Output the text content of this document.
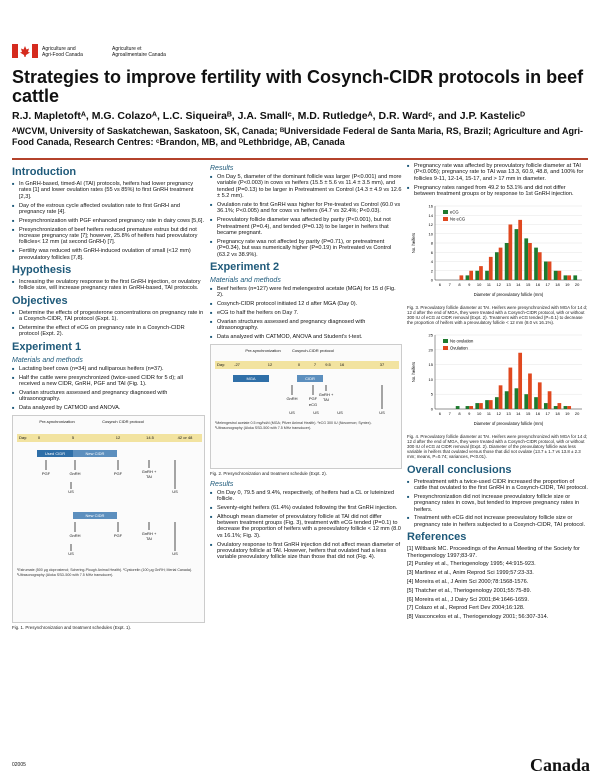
Agriculture and
Agri-Food Canada
Agriculture et
Agroalimentaire Canada
Strategies to improve fertility with Cosynch-CIDR protocols in beef cattle
R.J. Mapletoftᴬ, M.G. Colazoᴬ, L.C. Siqueiraᴮ, J.A. Smallᶜ, M.D. Rutledgeᴬ, D.R. Wardᶜ, and J.P. Kastelicᴰ
ᴬWCVM, University of Saskatchewan, Saskatoon, SK, Canada; ᴮUniversidade Federal de Santa Maria, RS, Brazil; Agriculture and Agri-Food Canada, Research Centres: ᶜBrandon, MB, and ᴰLethbridge, AB, Canada
Introduction
■ In GnRH-based, timed-AI (TAI) protocols, heifers had lower pregnancy rates [1] and lower ovulation rates (55 vs 85%) to first GnRH treatment [2,3].
■ Day of the estrous cycle affected ovulation rate to first GnRH and pregnancy rate [4].
■ Presynchronization with PGF enhanced pregnancy rate in dairy cows [5,6].
■ Presynchronization of beef heifers reduced premature estrus but did not increase pregnancy rate [7]; however, 25.8% of heifers had preovulatory follicles< 12 mm (at second GnRH) [7].
■ Fertility was reduced with GnRH-induced ovulation of small (<12 mm) preovulatory follicles [7,8].
Hypothesis
■ Increasing the ovulatory response to the first GnRH injection, or ovulatory follicle size, will increase pregnancy rates in GnRH-based, TAI protocols.
Objectives
■ Determine the effects of progesterone concentrations on pregnancy rate in a Cosynch-CIDR, TAI protocol (Expt. 1).
■ Determine the effect of eCG on pregnancy rate in a Cosynch-CIDR protocol (Expt. 2).
Experiment 1
Materials and methods
■ Lactating beef cows (n=34) and nulliparous heifers (n=37).
■ Half the cattle were presynchronized (twice-used CIDR for 5 d); all received a new CIDR, GnRH, PGF and TAI (Fig. 1).
■ Ovarian structures assessed and pregnancy diagnosed with ultrasonography.
■ Data analyzed by CATMOD and ANOVA.
Pre-synchronization	Cosynch CIDR protocol
Day:	0	5	12	14.5	42 or 48
Used CIDR	New CIDR
PGF	GnRH	PGF	GnRH + TAI
US	US
New CIDR
GnRH	PGF	GnRH + TAI
US	US
¹Estrumate (500 μg cloprostenol; Schering-Plough Animal Health). ²Cystorelin (100 μg GnRH; Merial Canada). ³Ultrasonography (Aloka SSD-500 with 7.5 MHz transducer).
Fig. 1. Presynchronization and treatment schedules (Expt. 1).
Results
■ On Day 5, diameter of the dominant follicle was larger (P<0.001) and more variable (P<0.003) in cows vs heifers (15.5 ± 5.6 vs 11.4 ± 3.5 mm), and tended (P=0.13) to be larger in Pretreatment vs Control (14.3 ± 4.9 vs 12.6 ± 5.2 mm).
■ Ovulation rate to first GnRH was higher for Pre-treated vs Control (60.0 vs 36.1%; P<0.005) and for cows vs heifers (64.7 vs 32.4%; P<0.03).
■ Preovulatory follicle diameter was affected by parity (P<0.001), but not Pretreatment (P=0.4), and tended (P=0.13) to be larger in heifers that became pregnant.
■ Pregnancy rate was not affected by parity (P=0.71), or pretreatment (P=0.34), but was numerically higher (P=0.19) in Pretreated vs Control (63.2 vs 38.9%).
Experiment 2
Materials and methods
■ Beef heifers (n=127) were fed melengestrol acetate (MGA) for 15 d (Fig. 2).
■ Cosynch-CIDR protocol initiated 12 d after MGA (Day 0).
■ eCG to half the heifers on Day 7.
■ Ovarian structures assessed and pregnancy diagnosed with ultrasonography.
■ Data analyzed with CATMOD, ANOVA and Student's t-test.
Pre-synchronization	Cosynch-CIDR protocol
Day:	-27	12	0	7	9.5	16	37
MGA	CIDR
GnRH	PGF
eCG
GnRH + TAI
US	US	US	US
¹Melengestrol acetate 0.5 mg/hd/d (MGA; Pfizer Animal Health). ²eCG 300 IU (Novormon; Syntex). ³Ultrasonography (Aloka SSD-500 with 7.5 MHz transducer).
Fig. 2. Presynchronization and treatment schedule (Expt. 2).
Results
■ On Day 0, 79.5 and 9.4%, respectively, of heifers had a CL or luteinized follicle.
■ Seventy-eight heifers (61.4%) ovulated following the first GnRH injection.
■ Although mean diameter of preovulatory follicle at TAI did not differ between treatment groups (Fig. 3), treatment with eCG tended (P=0.1) to decrease the proportion of heifers with a preovulatory follicle < 12 mm (8.0 vs 16.1%; Fig. 3).
■ Ovulatory response to first GnRH injection did not affect mean diameter of preovulatory follicle at TAI. However, heifers that ovulated had a less variable preovulatory follicle size than those that did not (Fig. 4).
■ Pregnancy rate was affected by preovulatory follicle diameter at TAI (P<0.005); pregnancy rate to TAI was 13.3, 60.9, 48.8, and 100% for follicles 9-11, 12-14, 15-17, and > 17 mm in diameter.
■ Pregnancy rates ranged from 49.2 to 53.1% and did not differ between treatment groups or by response to 1st GnRH injection.
0
2
4
6
8
10
12
14
16
6 7 8 9 10 11 12 13 14 15 16 17 18 19 20
Diameter of preovulatory follicle (mm)
No. heifers
eCG
No eCG
Fig. 3. Preovulatory follicle diameter at TAI. Heifers were presynchronized with MGA for 14 d; 12 d after the end of MGA, they were treated with a Cosynch-CIDR protocol, with or without 300 IU of eCG at CIDR removal (Expt. 2). Treatment with eCG tended (P=0.1) to decrease the proportion of heifers with a preovulatory follicle < 12 mm (8.0 vs 16.1%).
0
5
10
15
20
25
6 7 8 9 10 11 12 13 14 15 16 17 18 19 20
Diameter of preovulatory follicle (mm)
No. heifers
No ovulation
Ovulation
Fig. 4. Preovulatory follicle diameter at TAI. Heifers were presynchronized with MGA for 14 d; 12 d after the end of MGA, they were treated with a Cosynch-CIDR protocol, with or without 300 IU of eCG at CIDR removal (Expt. 2). Diameter of the preovulatory follicle was less variable in heifers that ovulated versus those that did not ovulate (13.7 ± 1.7 vs 13.8 ± 2.3 mm; means, P=0.74; variances, P<0.01).
Overall conclusions
■ Pretreatment with a twice-used CIDR increased the proportion of cattle that ovulated to the first GnRH in a Cosynch-CIDR, TAI protocol.
■ Presynchronization did not increase preovulatory follicle size or pregnancy rates in cows, but tended to improve pregnancy rates in heifers.
■ Treatment with eCG did not increase preovulatory follicle size or pregnancy rate in heifers subjected to a Cosynch-CIDR, TAI protocol.
References
[1] Wiltbank MC. Proceedings of the Annual Meeting of the Society for Theriogenology 1997;83-97.
[2] Pursley et al., Theriogenology 1995; 44:915-923.
[3] Martinez et al., Anim Reprod Sci 1999;57:23-33.
[4] Moreira et al., J Anim Sci 2000;78:1568-1576.
[5] Thatcher et al., Theriogenology 2001;55:75-89.
[6] Moreira et al., J Dairy Sci 2001;84:1646-1659.
[7] Colazo et al., Reprod Fert Dev 2004;16:128.
[8] Vasconcelos et al., Theriogenology 2001; 56:307-314.
02005	Canada
